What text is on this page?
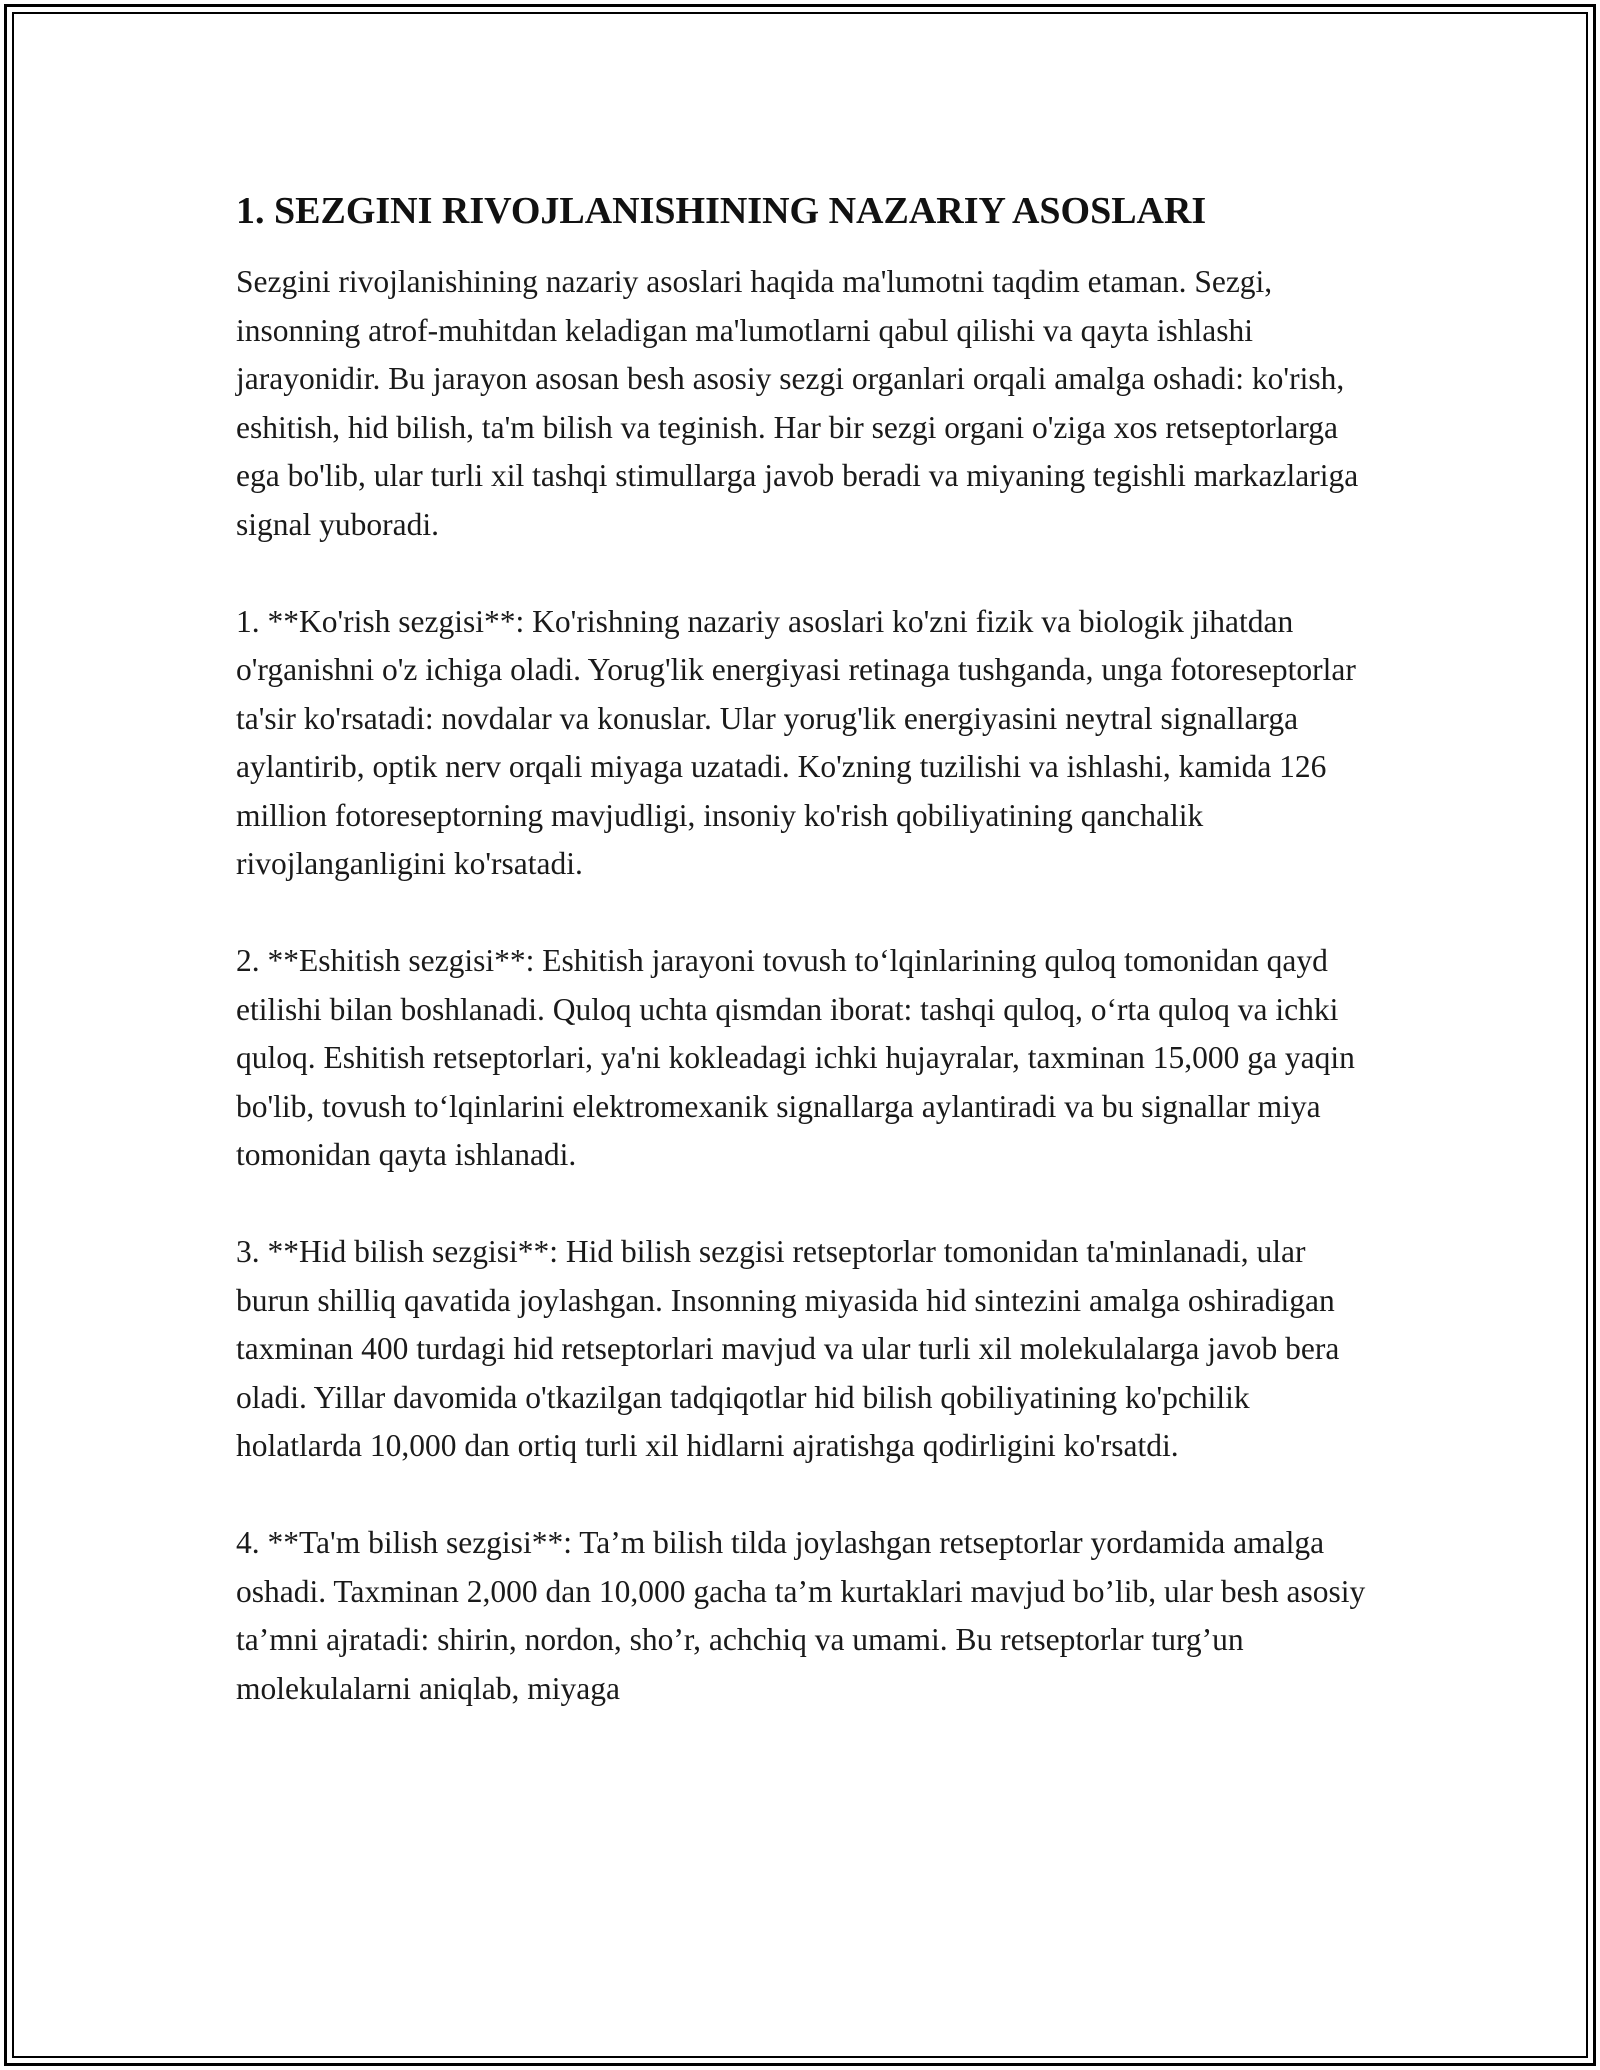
1. SEZGINI RIVOJLANISHINING NAZARIY ASOSLARI

Sezgini rivojlanishining nazariy asoslari haqida ma'lumotni taqdim etaman. Sezgi, insonning atrof-muhitdan keladigan ma'lumotlarni qabul qilishi va qayta ishlashi jarayonidir. Bu jarayon asosan besh asosiy sezgi organlari orqali amalga oshadi: ko'rish, eshitish, hid bilish, ta'm bilish va teginish. Har bir sezgi organi o'ziga xos retseptorlarga ega bo'lib, ular turli xil tashqi stimullarga javob beradi va miyaning tegishli markazlariga signal yuboradi.

1. **Ko'rish sezgisi**: Ko'rishning nazariy asoslari ko'zni fizik va biologik jihatdan o'rganishni o'z ichiga oladi. Yorug'lik energiyasi retinaga tushganda, unga fotoreseptorlar ta'sir ko'rsatadi: novdalar va konuslar. Ular yorug'lik energiyasini neytral signallarga aylantirib, optik nerv orqali miyaga uzatadi. Ko'zning tuzilishi va ishlashi, kamida 126 million fotoreseptorning mavjudligi, insoniy ko'rish qobiliyatining qanchalik rivojlanganligini ko'rsatadi.

2. **Eshitish sezgisi**: Eshitish jarayoni tovush to‘lqinlarining quloq tomonidan qayd etilishi bilan boshlanadi. Quloq uchta qismdan iborat: tashqi quloq, o‘rta quloq va ichki quloq. Eshitish retseptorlari, ya'ni kokleadagi ichki hujayralar, taxminan 15,000 ga yaqin bo'lib, tovush to‘lqinlarini elektromexanik signallarga aylantiradi va bu signallar miya tomonidan qayta ishlanadi.

3. **Hid bilish sezgisi**: Hid bilish sezgisi retseptorlar tomonidan ta'minlanadi, ular burun shilliq qavatida joylashgan. Insonning miyasida hid sintezini amalga oshiradigan taxminan 400 turdagi hid retseptorlari mavjud va ular turli xil molekulalarga javob bera oladi. Yillar davomida o'tkazilgan tadqiqotlar hid bilish qobiliyatining ko'pchilik holatlarda 10,000 dan ortiq turli xil hidlarni ajratishga qodirligini ko'rsatdi.

4. **Ta'm bilish sezgisi**: Ta’m bilish tilda joylashgan retseptorlar yordamida amalga oshadi. Taxminan 2,000 dan 10,000 gacha ta’m kurtaklari mavjud bo’lib, ular besh asosiy ta’mni ajratadi: shirin, nordon, sho’r, achchiq va umami. Bu retseptorlar turg’un molekulalarni aniqlab, miyaga
